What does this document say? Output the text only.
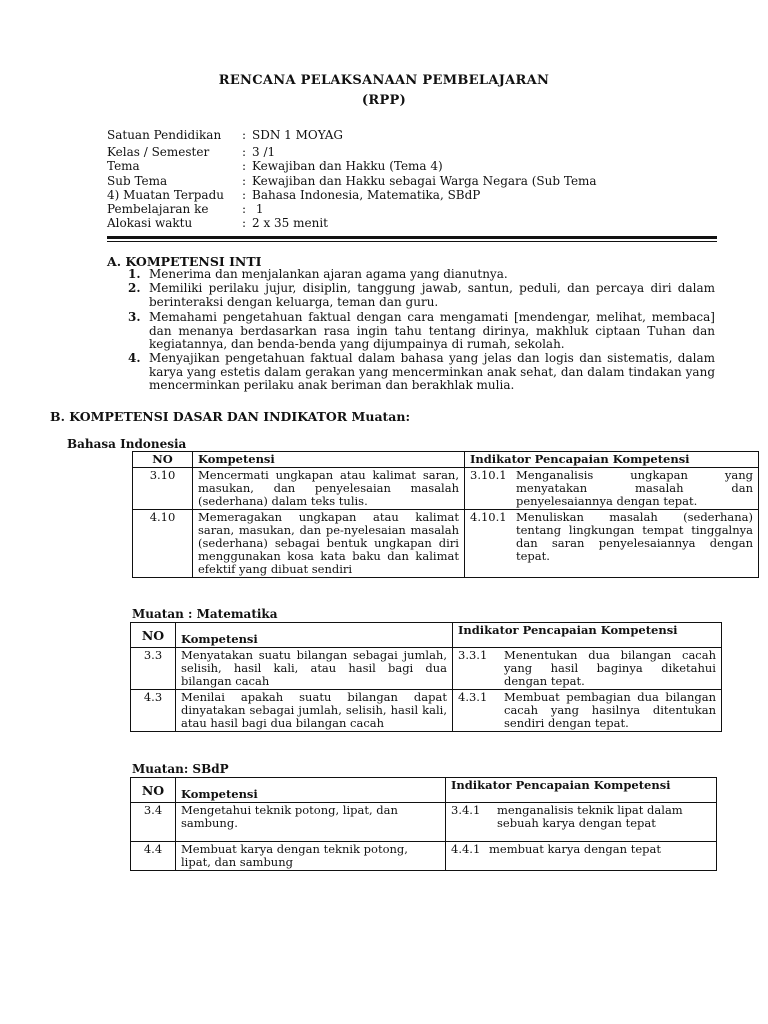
RENCANA PELAKSANAAN PEMBELAJARAN
(RPP)
Satuan Pendidikan : SDN 1 MOYAG
Kelas / Semester	: 3 /1
Tema	: Kewajiban dan Hakku (Tema 4)
Sub Tema	: Kewajiban dan Hakku sebagai Warga Negara (Sub Tema
4) Muatan Terpadu : Bahasa Indonesia, Matematika, SBdP
Pembelajaran ke	: 1
Alokasi waktu	: 2 x 35 menit
A. KOMPETENSI INTI
1. Menerima dan menjalankan ajaran agama yang dianutnya.
2. Memiliki perilaku jujur, disiplin, tanggung jawab, santun, peduli, dan percaya diri dalam berinteraksi dengan keluarga, teman dan guru.
3. Memahami pengetahuan faktual dengan cara mengamati [mendengar, melihat, membaca] dan menanya berdasarkan rasa ingin tahu tentang dirinya, makhluk ciptaan Tuhan dan kegiatannya, dan benda-benda yang dijumpainya di rumah, sekolah.
4. Menyajikan pengetahuan faktual dalam bahasa yang jelas dan logis dan sistematis, dalam karya yang estetis dalam gerakan yang mencerminkan anak sehat, dan dalam tindakan yang mencerminkan perilaku anak beriman dan berakhlak mulia.
B. KOMPETENSI DASAR DAN INDIKATOR Muatan:
Bahasa Indonesia
NO	Kompetensi	Indikator Pencapaian Kompetensi
3.10	Mencermati ungkapan atau kalimat saran, masukan, dan penyelesaian masalah (sederhana) dalam teks tulis.	3.10.1 Menganalisis ungkapan yang menyatakan masalah dan penyelesaiannya dengan tepat.

4.10	Memeragakan ungkapan atau kalimat saran, masukan, dan pe-nyelesaian masalah (sederhana) sebagai bentuk ungkapan diri menggunakan kosa kata baku dan kalimat efektif yang dibuat sendiri	4.10.1 Menuliskan masalah (sederhana) tentang lingkungan tempat tinggalnya dan saran penyelesaiannya dengan tepat.
Muatan : Matematika
NO	Kompetensi	Indikator Pencapaian Kompetensi
3.3	Menyatakan suatu bilangan sebagai jumlah, selisih, hasil kali, atau hasil bagi dua bilangan cacah	3.3.1 Menentukan dua bilangan cacah yang hasil baginya diketahui dengan tepat.

4.3	Menilai apakah suatu bilangan dapat dinyatakan sebagai jumlah, selisih, hasil kali, atau hasil bagi dua bilangan cacah	4.3.1 Membuat pembagian dua bilangan cacah yang hasilnya ditentukan sendiri dengan tepat.
Muatan: SBdP
NO	Kompetensi	Indikator Pencapaian Kompetensi
3.4	Mengetahui teknik potong, lipat, dan sambung.	3.4.1 menganalisis teknik lipat dalam sebuah karya dengan tepat

4.4	Membuat karya dengan teknik potong, lipat, dan sambung	4.4.1 membuat karya dengan tepat
